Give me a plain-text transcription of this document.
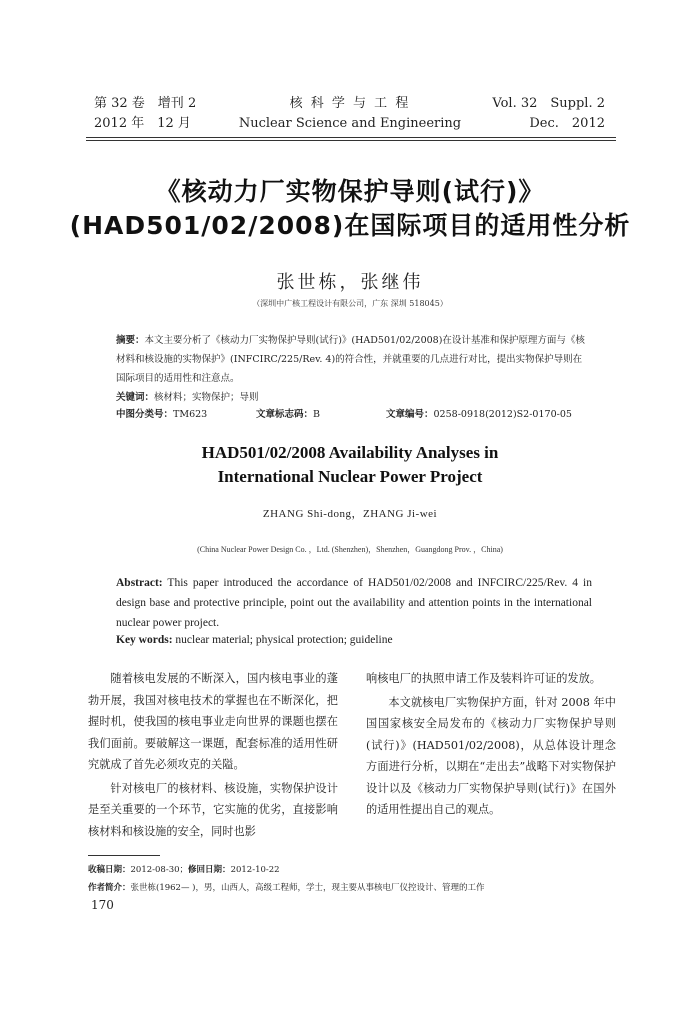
第 32 卷　增刊 2
2012 年　12 月
核 科 学 与 工 程
Nuclear Science and Engineering
Vol. 32　Suppl. 2
Dec.　2012
《核动力厂实物保护导则(试行)》
(HAD501/02/2008)在国际项目的适用性分析
张世栋，张继伟
（深圳中广核工程设计有限公司，广东 深圳 518045）
摘要：本文主要分析了《核动力厂实物保护导则(试行)》(HAD501/02/2008)在设计基准和保护原理方面与《核材料和核设施的实物保护》(INFCIRC/225/Rev. 4)的符合性，并就重要的几点进行对比，提出实物保护导则在国际项目的适用性和注意点。
关键词：核材料；实物保护；导则
中图分类号：TM623	文章标志码：B	文章编号：0258-0918(2012)S2-0170-05
HAD501/02/2008 Availability Analyses in
International Nuclear Power Project
ZHANG Shi-dong，ZHANG Ji-wei
(China Nuclear Power Design Co. ，Ltd. (Shenzhen)，Shenzhen，Guangdong Prov. ，China)
Abstract: This paper introduced the accordance of HAD501/02/2008 and INFCIRC/225/Rev. 4 in design base and protective principle, point out the availability and attention points in the international nuclear power project.
Key words: nuclear material; physical protection; guideline

随着核电发展的不断深入，国内核电事业的蓬勃开展，我国对核电技术的掌握也在不断深化，把握时机，使我国的核电事业走向世界的课题也摆在我们面前。要破解这一课题，配套标准的适用性研究就成了首先必须攻克的关隘。

针对核电厂的核材料、核设施，实物保护设计是至关重要的一个环节，它实施的优劣，直接影响核材料和核设施的安全，同时也影

响核电厂的执照申请工作及装料许可证的发放。

本文就核电厂实物保护方面，针对 2008 年中国国家核安全局发布的《核动力厂实物保护导则(试行)》(HAD501/02/2008)，从总体设计理念方面进行分析，以期在“走出去”战略下对实物保护设计以及《核动力厂实物保护导则(试行)》在国外的适用性提出自己的观点。

收稿日期：2012-08-30；修回日期：2012-10-22
作者简介：张世栋(1962— )，男，山西人，高级工程师，学士，现主要从事核电厂仪控设计、管理的工作
170
